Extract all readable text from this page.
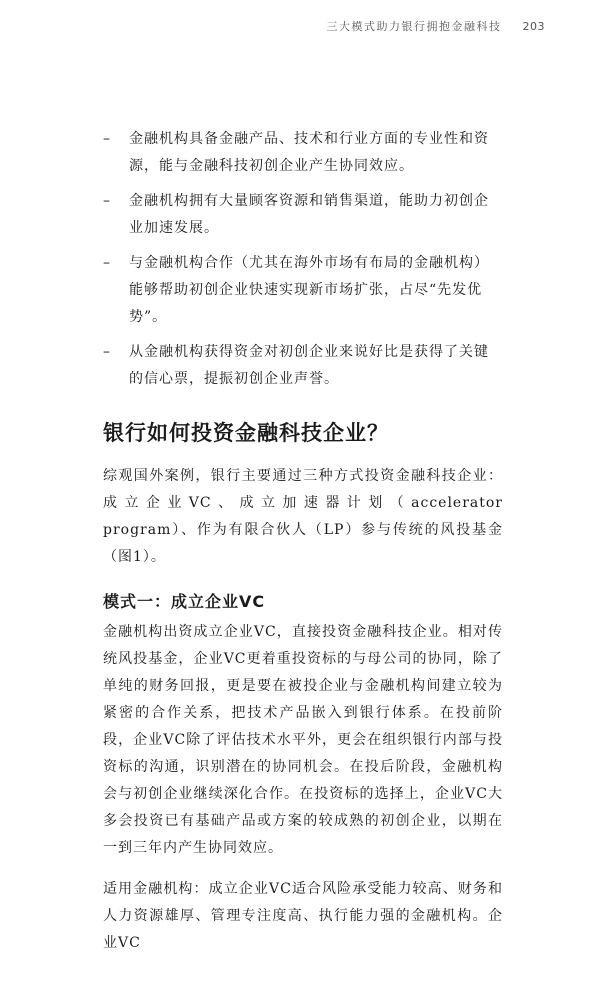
三大模式助力银行拥抱金融科技 203
– 金融机构具备金融产品、技术和行业方面的专业性和资源，能与金融科技初创企业产生协同效应。
– 金融机构拥有大量顾客资源和销售渠道，能助力初创企业加速发展。
– 与金融机构合作（尤其在海外市场有布局的金融机构）能够帮助初创企业快速实现新市场扩张，占尽“先发优势”。
– 从金融机构获得资金对初创企业来说好比是获得了关键的信心票，提振初创企业声誉。
银行如何投资金融科技企业？

综观国外案例，银行主要通过三种方式投资金融科技企业：成立企业VC、成立加速器计划（accelerator program）、作为有限合伙人（LP）参与传统的风投基金（图1）。

模式一：成立企业VC

金融机构出资成立企业VC，直接投资金融科技企业。相对传统风投基金，企业VC更着重投资标的与母公司的协同，除了单纯的财务回报，更是要在被投企业与金融机构间建立较为紧密的合作关系，把技术产品嵌入到银行体系。在投前阶段，企业VC除了评估技术水平外，更会在组织银行内部与投资标的沟通，识别潜在的协同机会。在投后阶段，金融机构会与初创企业继续深化合作。在投资标的选择上，企业VC大多会投资已有基础产品或方案的较成熟的初创企业，以期在一到三年内产生协同效应。

适用金融机构：成立企业VC适合风险承受能力较高、财务和人力资源雄厚、管理专注度高、执行能力强的金融机构。企业VC
